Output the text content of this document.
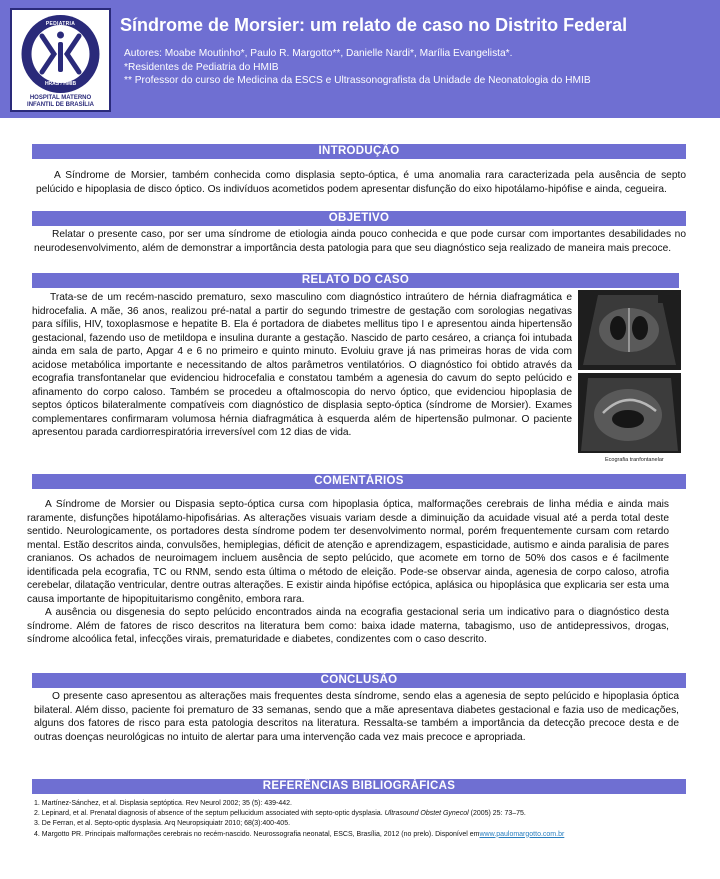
PEDIATRIA
HRAS / HMIB
HOSPITAL MATERNO
INFANTIL DE BRASÍLIA
Síndrome de Morsier: um relato de caso no Distrito Federal
Autores: Moabe Moutinho*, Paulo R. Margotto**, Danielle Nardi*, Marília Evangelista*.
*Residentes de Pediatria do HMIB
** Professor do curso de Medicina da ESCS e Ultrassonografista da Unidade de Neonatologia do HMIB
INTRODUÇÃO

A Síndrome de Morsier, também conhecida como displasia septo-óptica, é uma anomalia rara caracterizada pela ausência de septo pelúcido e hipoplasia de disco óptico. Os indivíduos acometidos podem apresentar disfunção do eixo hipotálamo-hipófise e ainda, cegueira.

OBJETIVO

Relatar o presente caso, por ser uma síndrome de etiologia ainda pouco conhecida e que pode cursar com importantes desabilidades no neurodesenvolvimento, além de demonstrar a importância desta patologia para que seu diagnóstico seja realizado de maneira mais precoce.

RELATO DO CASO

Trata-se de um recém-nascido prematuro, sexo masculino com diagnóstico intraútero de hérnia diafragmática e hidrocefalia. A mãe, 36 anos, realizou pré-natal a partir do segundo trimestre de gestação com sorologias negativas para sífilis, HIV, toxoplasmose e hepatite B. Ela é portadora de diabetes mellitus tipo I e apresentou ainda hipertensão gestacional, fazendo uso de metildopa e insulina durante a gestação. Nascido de parto cesáreo, a criança foi intubada ainda em sala de parto, Apgar 4 e 6 no primeiro e quinto minuto. Evoluiu grave já nas primeiras horas de vida com acidose metabólica importante e necessitando de altos parâmetros ventilatórios. O diagnóstico foi obtido através da ecografia transfontanelar que evidenciou hidrocefalia e constatou também a agenesia do cavum do septo pelúcido e afinamento do corpo caloso. Também se procedeu a oftalmoscopia do nervo óptico, que evidenciou hipoplasia de septos ópticos bilateralmente compatíveis com diagnóstico de displasia septo-óptica (síndrome de Morsier). Exames complementares confirmaram volumosa hérnia diafragmática à esquerda além de hipertensão pulmonar. O paciente apresentou parada cardiorrespiratória irreversível com 12 dias de vida.

Ecografia tranfontanelar
COMENTÁRIOS

A Síndrome de Morsier ou Dispasia septo-óptica cursa com hipoplasia óptica, malformações cerebrais de linha média e ainda mais raramente, disfunções hipotálamo-hipofisárias. As alterações visuais variam desde a diminuição da acuidade visual até a perda total deste sentido. Neurologicamente, os portadores desta síndrome podem ter desenvolvimento normal, porém frequentemente cursam com retardo mental. Estão descritos ainda, convulsões, hemiplegias, déficit de atenção e aprendizagem, espasticidade, autismo e ainda paralisia de pares cranianos. Os achados de neuroimagem incluem ausência de septo pelúcido, que acomete em torno de 50% dos casos e é facilmente identificada pela ecografia, TC ou RNM, sendo esta última o método de eleição. Pode-se observar ainda, agenesia de corpo caloso, atrofia cerebelar, dilatação ventricular, dentre outras alterações. E existir ainda hipófise ectópica, aplásica ou hipoplásica que explicaria ser esta uma causa importante de hipopituitarismo congênito, embora rara.

A ausência ou disgenesia do septo pelúcido encontrados ainda na ecografia gestacional seria um indicativo para o diagnóstico desta síndrome. Além de fatores de risco descritos na literatura bem como: baixa idade materna, tabagismo, uso de antidepressivos, drogas, síndrome alcoólica fetal, infecções virais, prematuridade e diabetes, condizentes com o caso descrito.

CONCLUSÃO

O presente caso apresentou as alterações mais frequentes desta síndrome, sendo elas a agenesia de septo pelúcido e hipoplasia óptica bilateral. Além disso, paciente foi prematuro de 33 semanas, sendo que a mãe apresentava diabetes gestacional e fazia uso de medicações, alguns dos fatores de risco para esta patologia descritos na literatura. Ressalta-se também a importância da detecção precoce desta e de outras doenças neurológicas no intuito de alertar para uma intervenção cada vez mais precoce e apropriada.

REFERÊNCIAS BIBLIOGRÁFICAS
1. Martínez-Sánchez, et al. Displasia septóptica. Rev Neurol 2002; 35 (5): 439-442.
2. Lepinard, et al. Prenatal diagnosis of absence of the septum pellucidum associated with septo-optic dysplasia. Ultrasound Obstet Gynecol (2005) 25: 73–75.
3. De Ferran, et al. Septo-optic dysplasia. Arq Neuropsiquiatr 2010; 68(3):400-405.
4. Margotto PR. Principais malformações cerebrais no recém-nascido. Neurossografia neonatal, ESCS, Brasília, 2012 (no prelo). Disponível emwww.paulomargotto.com.br
